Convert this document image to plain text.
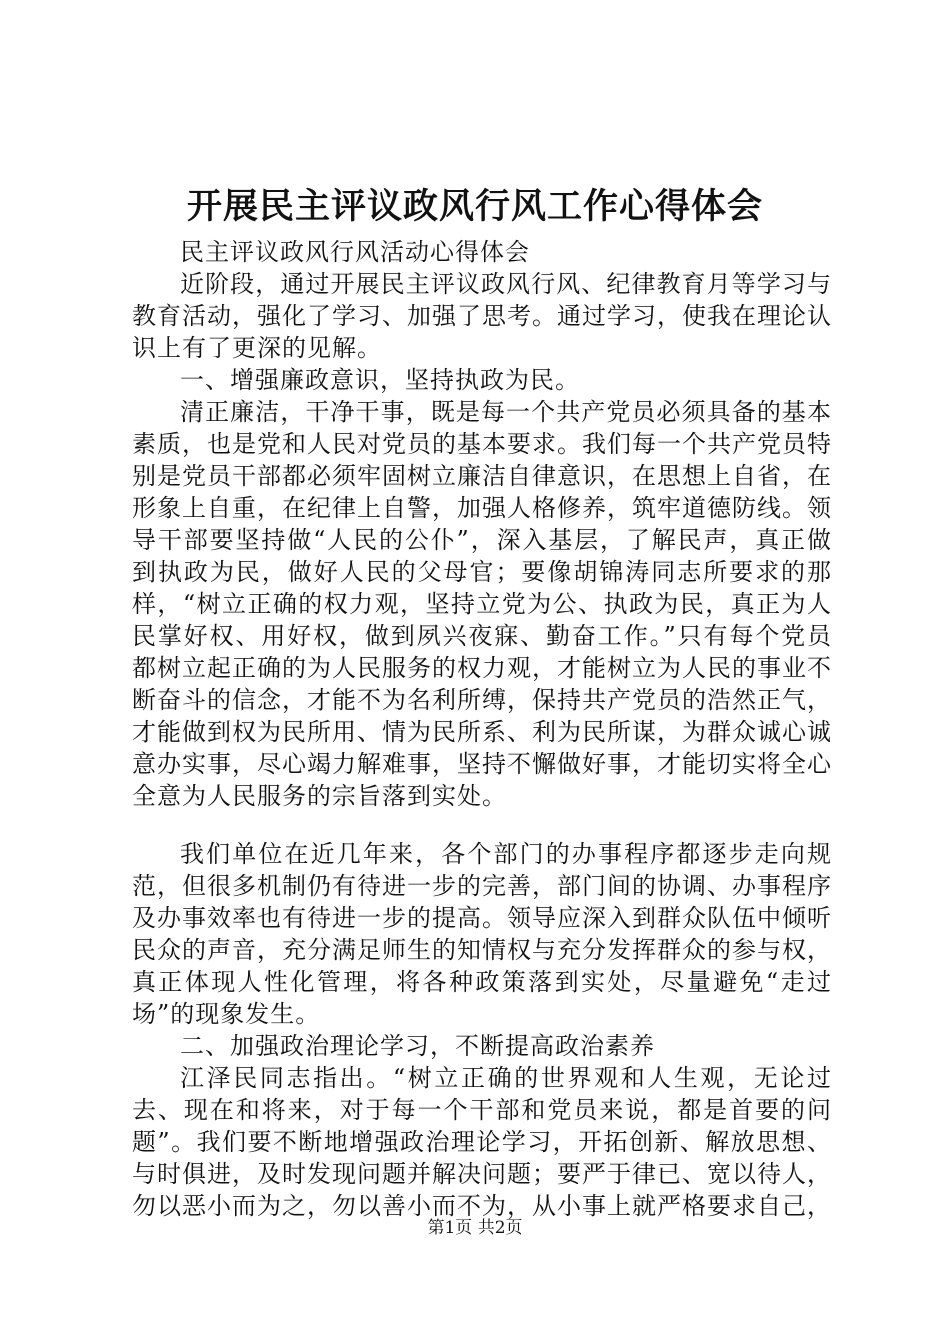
开展民主评议政风行风工作心得体会

民主评议政风行风活动心得体会

近阶段，通过开展民主评议政风行风、纪律教育月等学习与教育活动，强化了学习、加强了思考。通过学习，使我在理论认识上有了更深的见解。

一、增强廉政意识，坚持执政为民。

清正廉洁，干净干事，既是每一个共产党员必须具备的基本素质，也是党和人民对党员的基本要求。我们每一个共产党员特别是党员干部都必须牢固树立廉洁自律意识，在思想上自省，在形象上自重，在纪律上自警，加强人格修养，筑牢道德防线。领导干部要坚持做“人民的公仆”，深入基层，了解民声，真正做到执政为民，做好人民的父母官；要像胡锦涛同志所要求的那样，“树立正确的权力观，坚持立党为公、执政为民，真正为人民掌好权、用好权，做到夙兴夜寐、勤奋工作。”只有每个党员都树立起正确的为人民服务的权力观，才能树立为人民的事业不断奋斗的信念，才能不为名利所缚，保持共产党员的浩然正气，才能做到权为民所用、情为民所系、利为民所谋，为群众诚心诚意办实事，尽心竭力解难事，坚持不懈做好事，才能切实将全心全意为人民服务的宗旨落到实处。

我们单位在近几年来，各个部门的办事程序都逐步走向规范，但很多机制仍有待进一步的完善，部门间的协调、办事程序及办事效率也有待进一步的提高。领导应深入到群众队伍中倾听民众的声音，充分满足师生的知情权与充分发挥群众的参与权，真正体现人性化管理，将各种政策落到实处，尽量避免“走过场”的现象发生。

二、加强政治理论学习，不断提高政治素养

江泽民同志指出。“树立正确的世界观和人生观，无论过去、现在和将来，对于每一个干部和党员来说，都是首要的问题”。我们要不断地增强政治理论学习，开拓创新、解放思想、与时俱进，及时发现问题并解决问题；要严于律已、宽以待人，勿以恶小而为之，勿以善小而不为，从小事上就严格要求自己，

第1页 共2页
